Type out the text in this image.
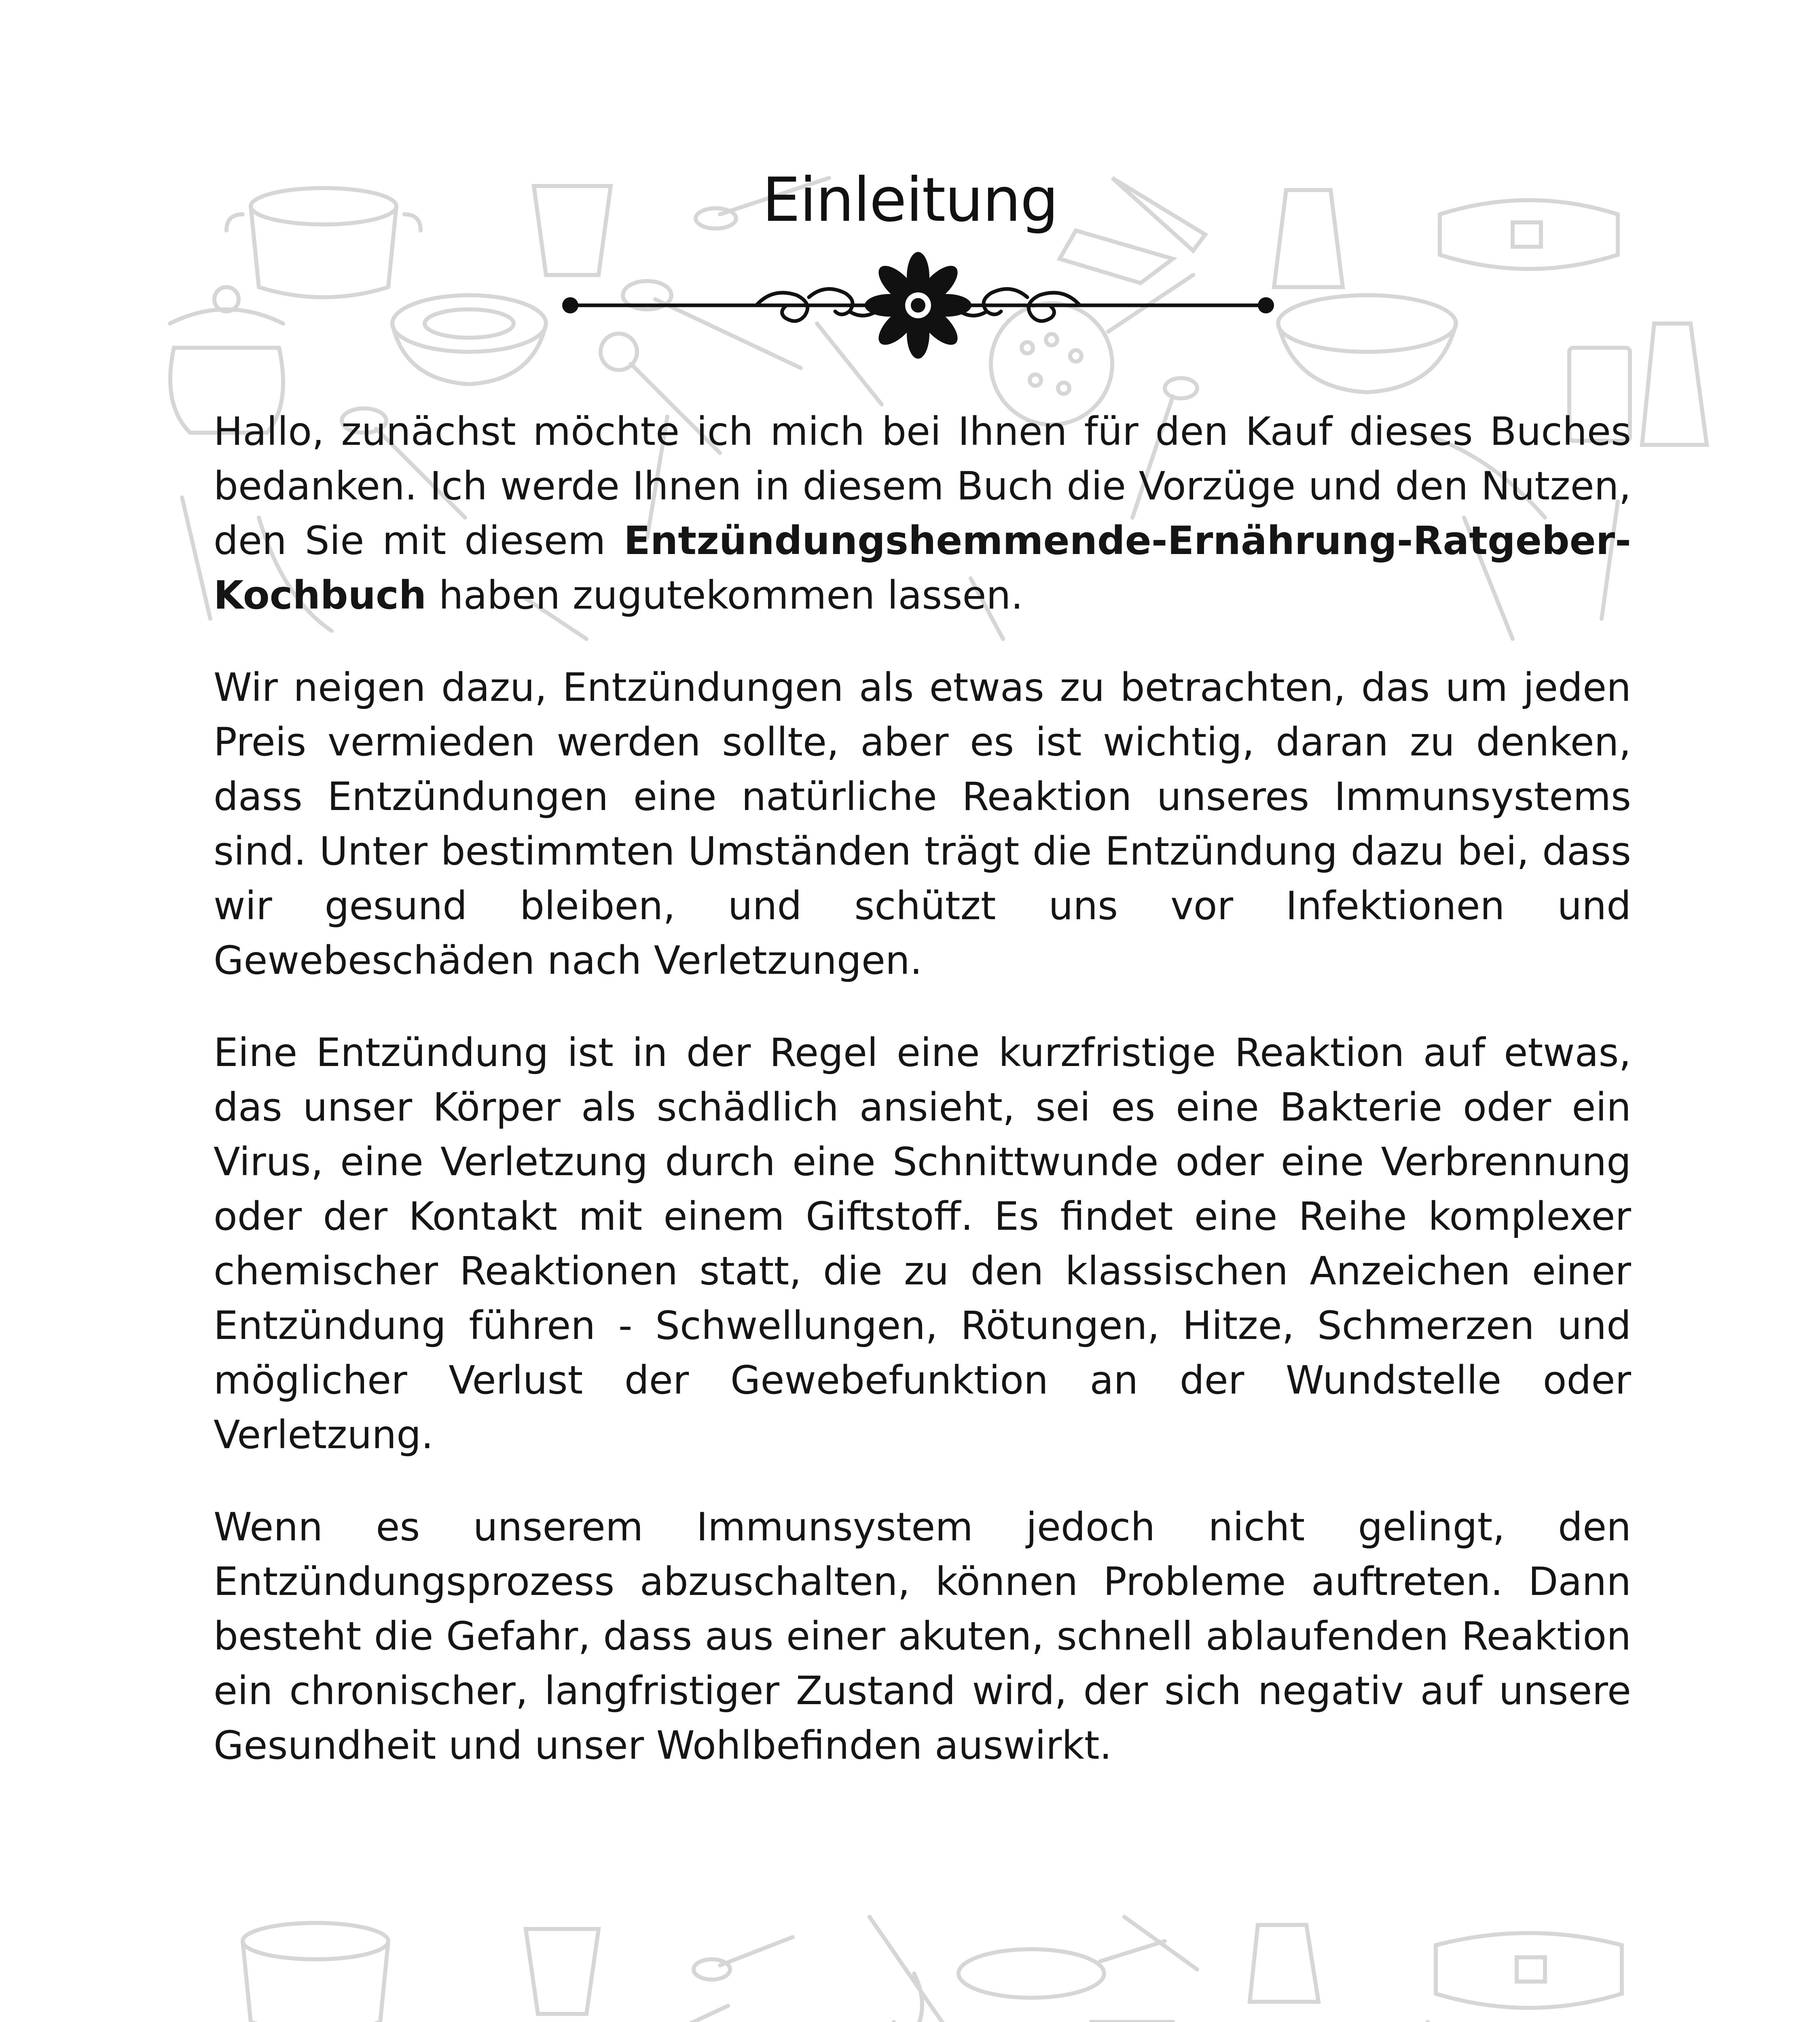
Einleitung

Hallo, zunächst möchte ich mich bei Ihnen für den Kauf dieses Buches bedanken. Ich werde Ihnen in diesem Buch die Vorzüge und den Nutzen, den Sie mit diesem Entzündungshemmende-Ernährung-Ratgeber-Kochbuch haben zugutekommen lassen.

Wir neigen dazu, Entzündungen als etwas zu betrachten, das um jeden Preis vermieden werden sollte, aber es ist wichtig, daran zu denken, dass Entzündungen eine natürliche Reaktion unseres Immunsystems sind. Unter bestimmten Umständen trägt die Entzündung dazu bei, dass wir gesund bleiben, und schützt uns vor Infektionen und Gewebeschäden nach Verletzungen.

Eine Entzündung ist in der Regel eine kurzfristige Reaktion auf etwas, das unser Körper als schädlich ansieht, sei es eine Bakterie oder ein Virus, eine Verletzung durch eine Schnittwunde oder eine Verbrennung oder der Kontakt mit einem Giftstoff. Es findet eine Reihe komplexer chemischer Reaktionen statt, die zu den klassischen Anzeichen einer Entzündung führen - Schwellungen, Rötungen, Hitze, Schmerzen und möglicher Verlust der Gewebefunktion an der Wundstelle oder Verletzung.

Wenn es unserem Immunsystem jedoch nicht gelingt, den Entzündungsprozess abzuschalten, können Probleme auftreten. Dann besteht die Gefahr, dass aus einer akuten, schnell ablaufenden Reaktion ein chronischer, langfristiger Zustand wird, der sich negativ auf unsere Gesundheit und unser Wohlbefinden auswirkt.
